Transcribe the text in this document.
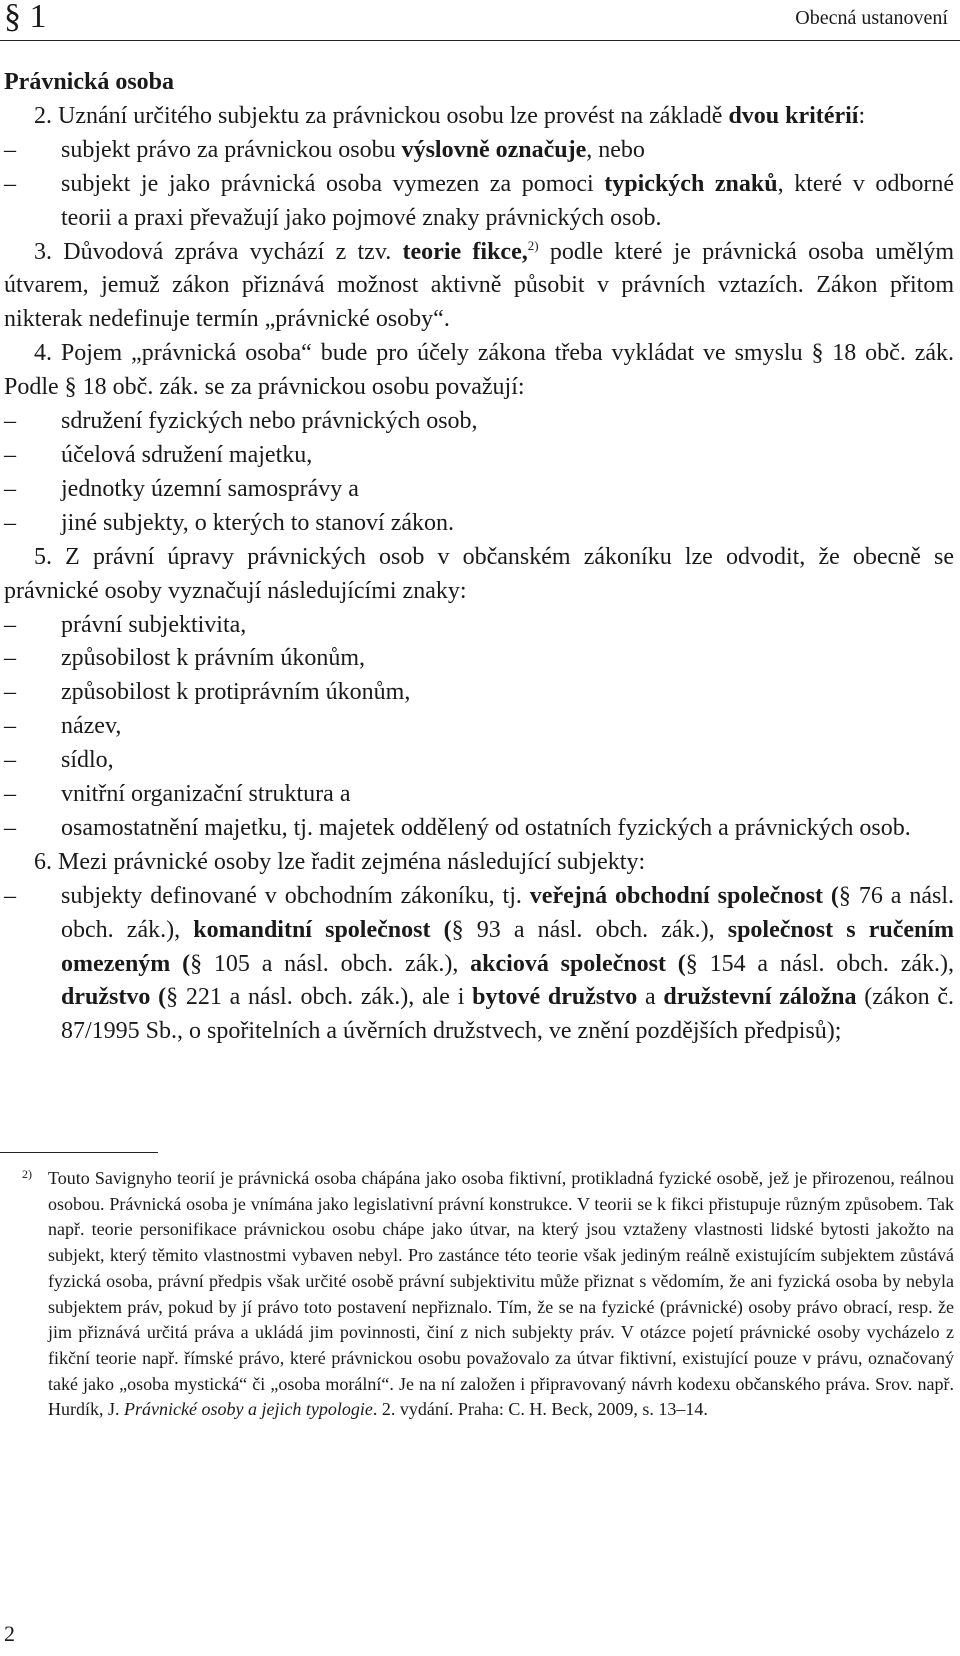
§ 1	Obecná ustanovení

Právnická osoba

2. Uznání určitého subjektu za právnickou osobu lze provést na základě dvou kritérií:

– subjekt právo za právnickou osobu výslovně označuje, nebo

– subjekt je jako právnická osoba vymezen za pomoci typických znaků, které v odborné teorii a praxi převažují jako pojmové znaky právnických osob.

3. Důvodová zpráva vychází z tzv. teorie fikce,$^{2)}$ podle které je právnická osoba umělým útvarem, jemuž zákon přiznává možnost aktivně působit v právních vztazích. Zákon přitom nikterak nedefinuje termín „právnické osoby“.

4. Pojem „právnická osoba“ bude pro účely zákona třeba vykládat ve smyslu § 18 obč. zák. Podle § 18 obč. zák. se za právnickou osobu považují:

– sdružení fyzických nebo právnických osob,

– účelová sdružení majetku,

– jednotky územní samosprávy a

– jiné subjekty, o kterých to stanoví zákon.

5. Z právní úpravy právnických osob v občanském zákoníku lze odvodit, že obecně se právnické osoby vyznačují následujícími znaky:

– právní subjektivita,

– způsobilost k právním úkonům,

– způsobilost k protiprávním úkonům,

– název,

– sídlo,

– vnitřní organizační struktura a

– osamostatnění majetku, tj. majetek oddělený od ostatních fyzických a právnických osob.

6. Mezi právnické osoby lze řadit zejména následující subjekty:

– subjekty definované v obchodním zákoníku, tj. veřejná obchodní společnost (§ 76 a násl. obch. zák.), komanditní společnost (§ 93 a násl. obch. zák.), společnost s ručením omezeným (§ 105 a násl. obch. zák.), akciová společnost (§ 154 a násl. obch. zák.), družstvo (§ 221 a násl. obch. zák.), ale i bytové družstvo a družstevní záložna (zákon č. 87/1995 Sb., o spořitelních a úvěrních družstvech, ve znění pozdějších předpisů);

2) Touto Savignyho teorií je právnická osoba chápána jako osoba fiktivní, protikladná fyzické osobě, jež je přirozenou, reálnou osobou. Právnická osoba je vnímána jako legislativní právní konstrukce. V teorii se k fikci přistupuje různým způsobem. Tak např. teorie personifikace právnickou osobu chápe jako útvar, na který jsou vztaženy vlastnosti lidské bytosti jakožto na subjekt, který těmito vlastnostmi vybaven nebyl. Pro zastánce této teorie však jediným reálně existujícím subjektem zůstává fyzická osoba, právní předpis však určité osobě právní subjektivitu může přiznat s vědomím, že ani fyzická osoba by nebyla subjektem práv, pokud by jí právo toto postavení nepřiznalo. Tím, že se na fyzické (právnické) osoby právo obrací, resp. že jim přiznává určitá práva a ukládá jim povinnosti, činí z nich subjekty práv. V otázce pojetí právnické osoby vycházelo z fikční teorie např. římské právo, které právnickou osobu považovalo za útvar fiktivní, existující pouze v právu, označovaný také jako „osoba mystická“ či „osoba morální“. Je na ní založen i připravovaný návrh kodexu občanského práva. Srov. např. Hurdík, J. Právnické osoby a jejich typologie. 2. vydání. Praha: C. H. Beck, 2009, s. 13–14.

2
